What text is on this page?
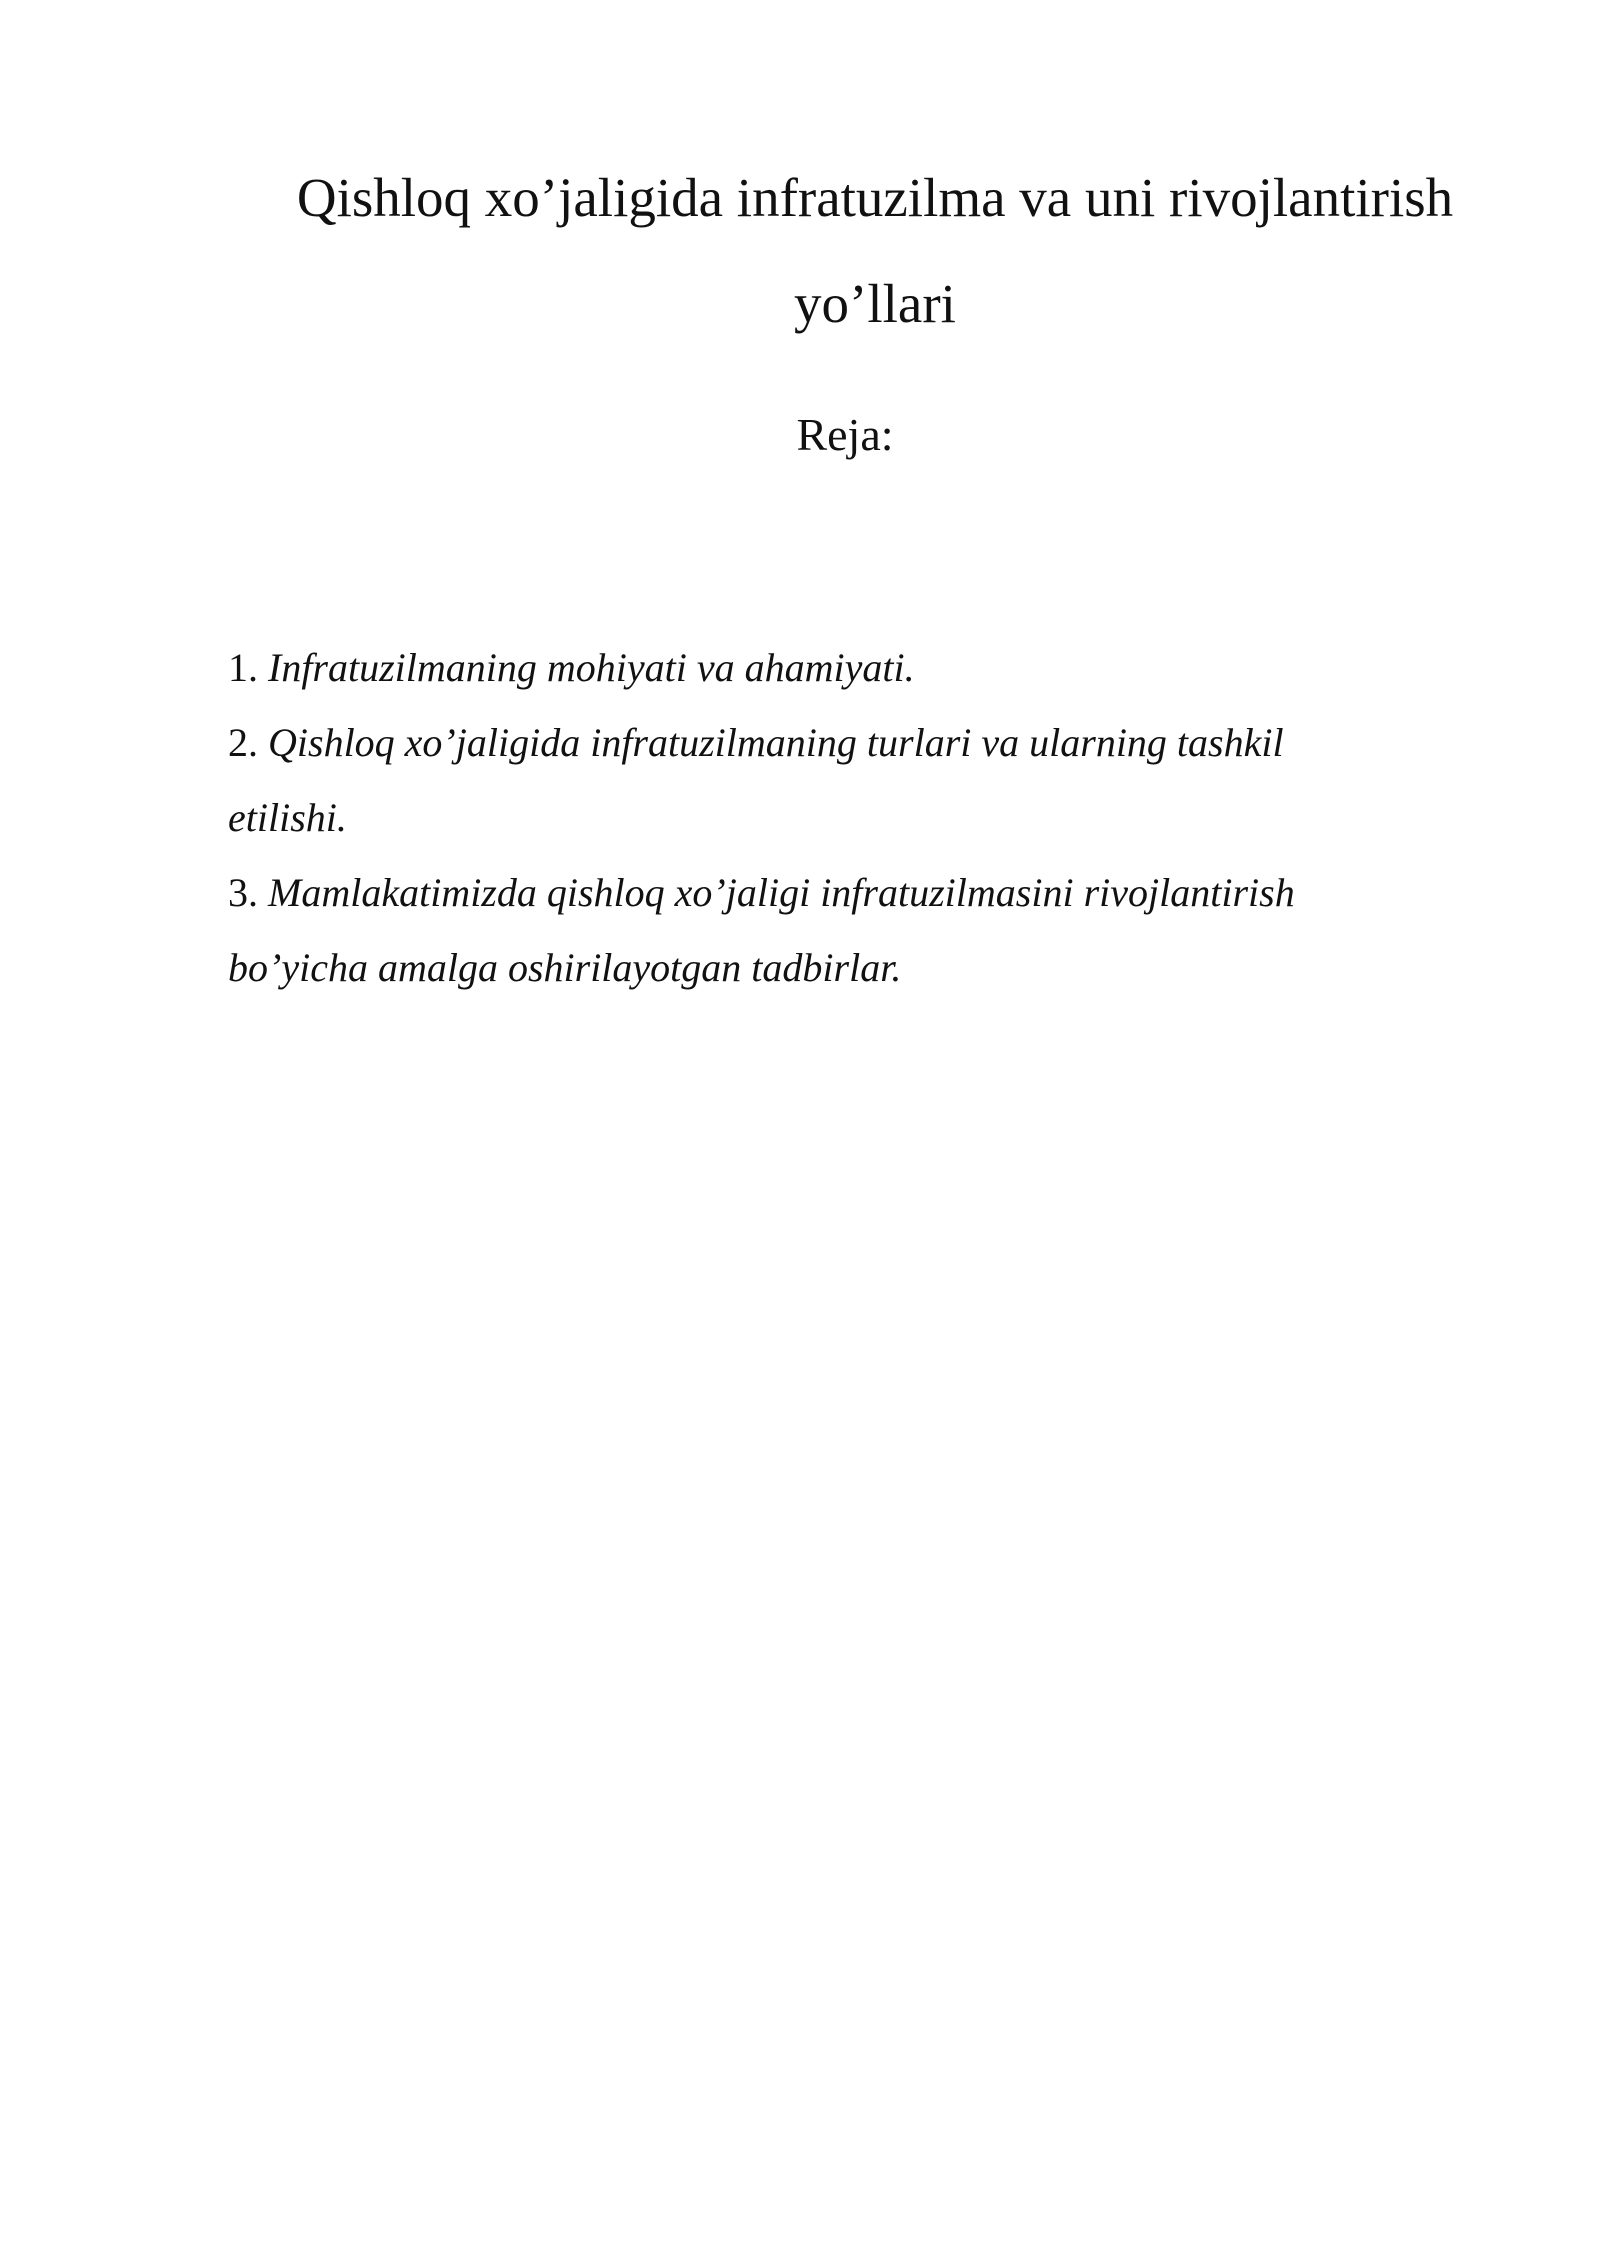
Qishloq xo’jaligida infratuzilma va uni rivojlantirish
yo’llari

Reja:

1. Infratuzilmaning mohiyati va ahamiyati.
2. Qishloq xo’jaligida infratuzilmaning turlari va ularning tashkil etilishi.
3. Mamlakatimizda qishloq xo’jaligi infratuzilmasini rivojlantirish bo’yicha amalga oshirilayotgan tadbirlar.
